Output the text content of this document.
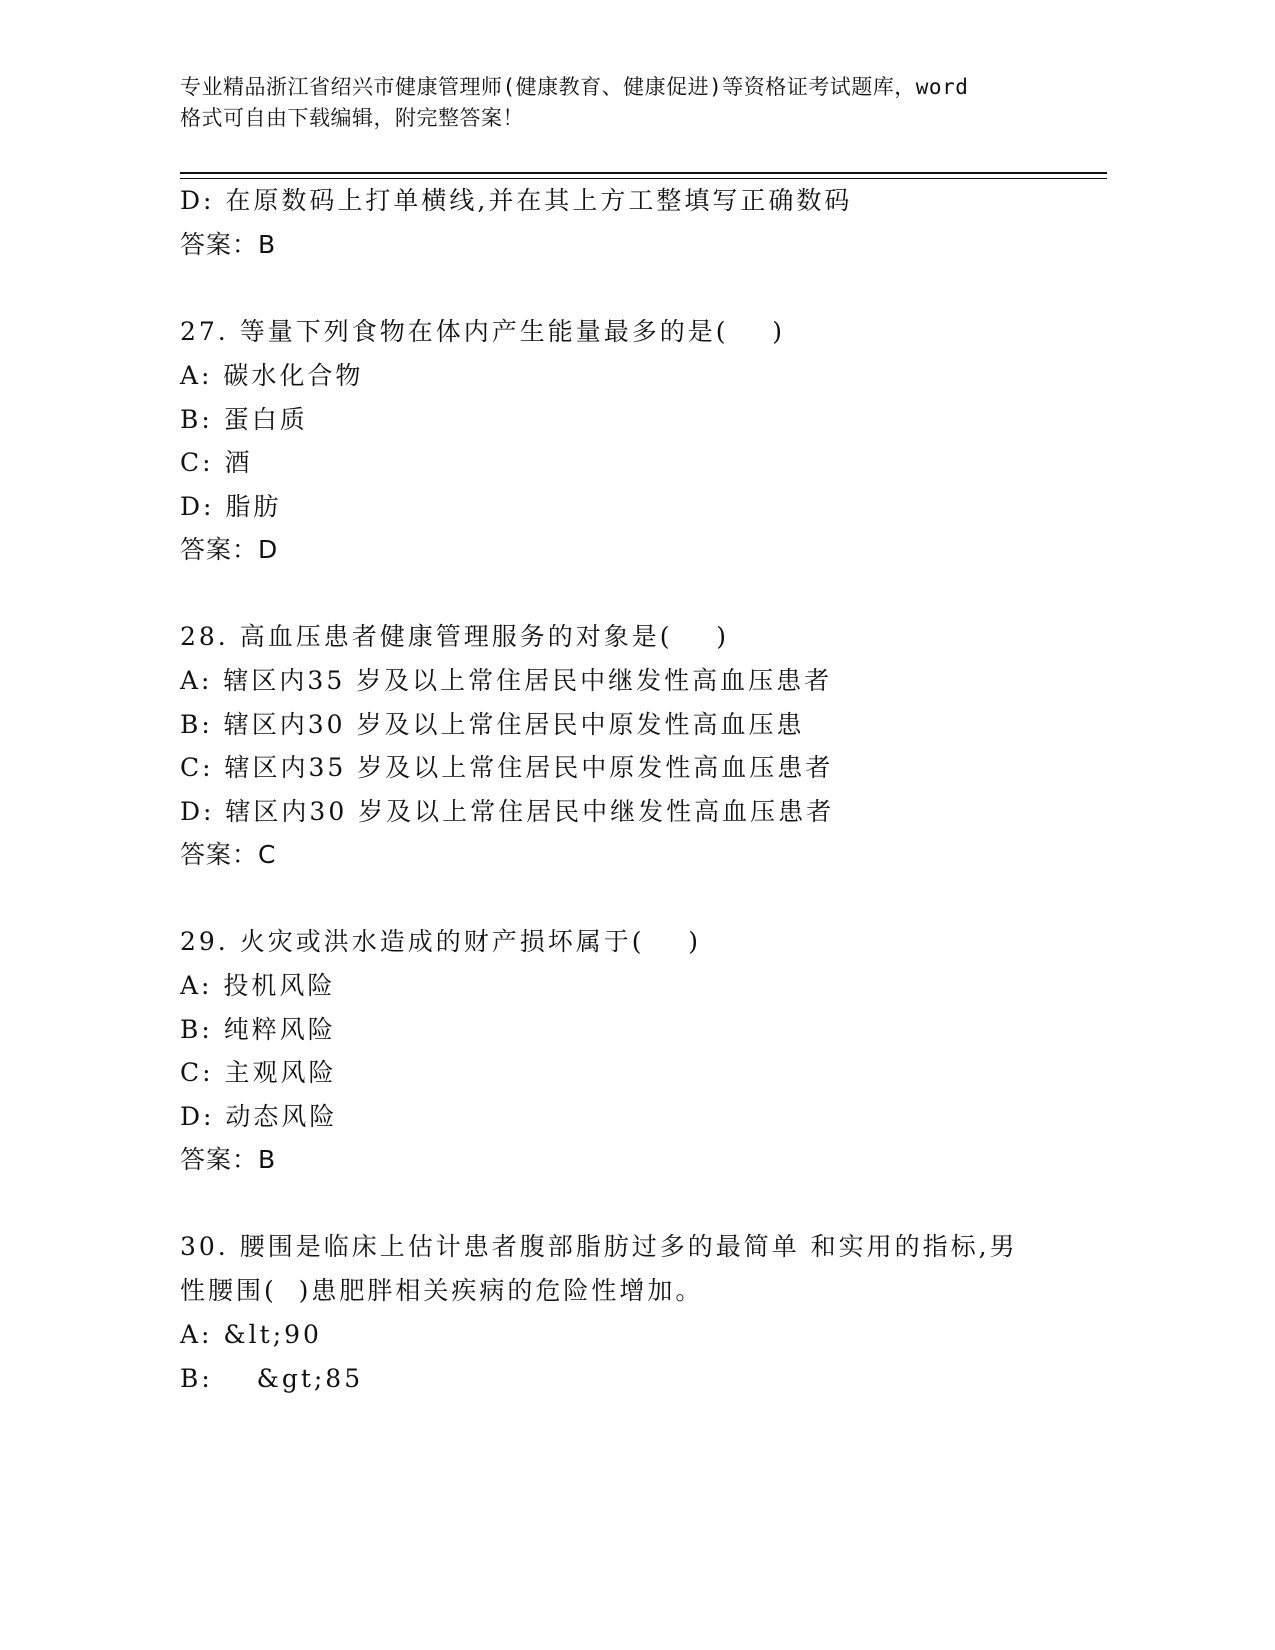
专业精品浙江省绍兴市健康管理师(健康教育、健康促进)等资格证考试题库，word
格式可自由下载编辑，附完整答案！
D: 在原数码上打单横线,并在其上方工整填写正确数码
答案：B
27. 等量下列食物在体内产生能量最多的是(    )
A: 碳水化合物
B: 蛋白质
C: 酒
D: 脂肪
答案：D
28. 高血压患者健康管理服务的对象是(    )
A: 辖区内35 岁及以上常住居民中继发性高血压患者
B: 辖区内30 岁及以上常住居民中原发性高血压患
C: 辖区内35 岁及以上常住居民中原发性高血压患者
D: 辖区内30 岁及以上常住居民中继发性高血压患者
答案：C
29. 火灾或洪水造成的财产损坏属于(    )
A: 投机风险
B: 纯粹风险
C: 主观风险
D: 动态风险
答案：B
30. 腰围是临床上估计患者腹部脂肪过多的最简单 和实用的指标,男
性腰围(  )患肥胖相关疾病的危险性增加。
A: &lt;90
B:    &gt;85
